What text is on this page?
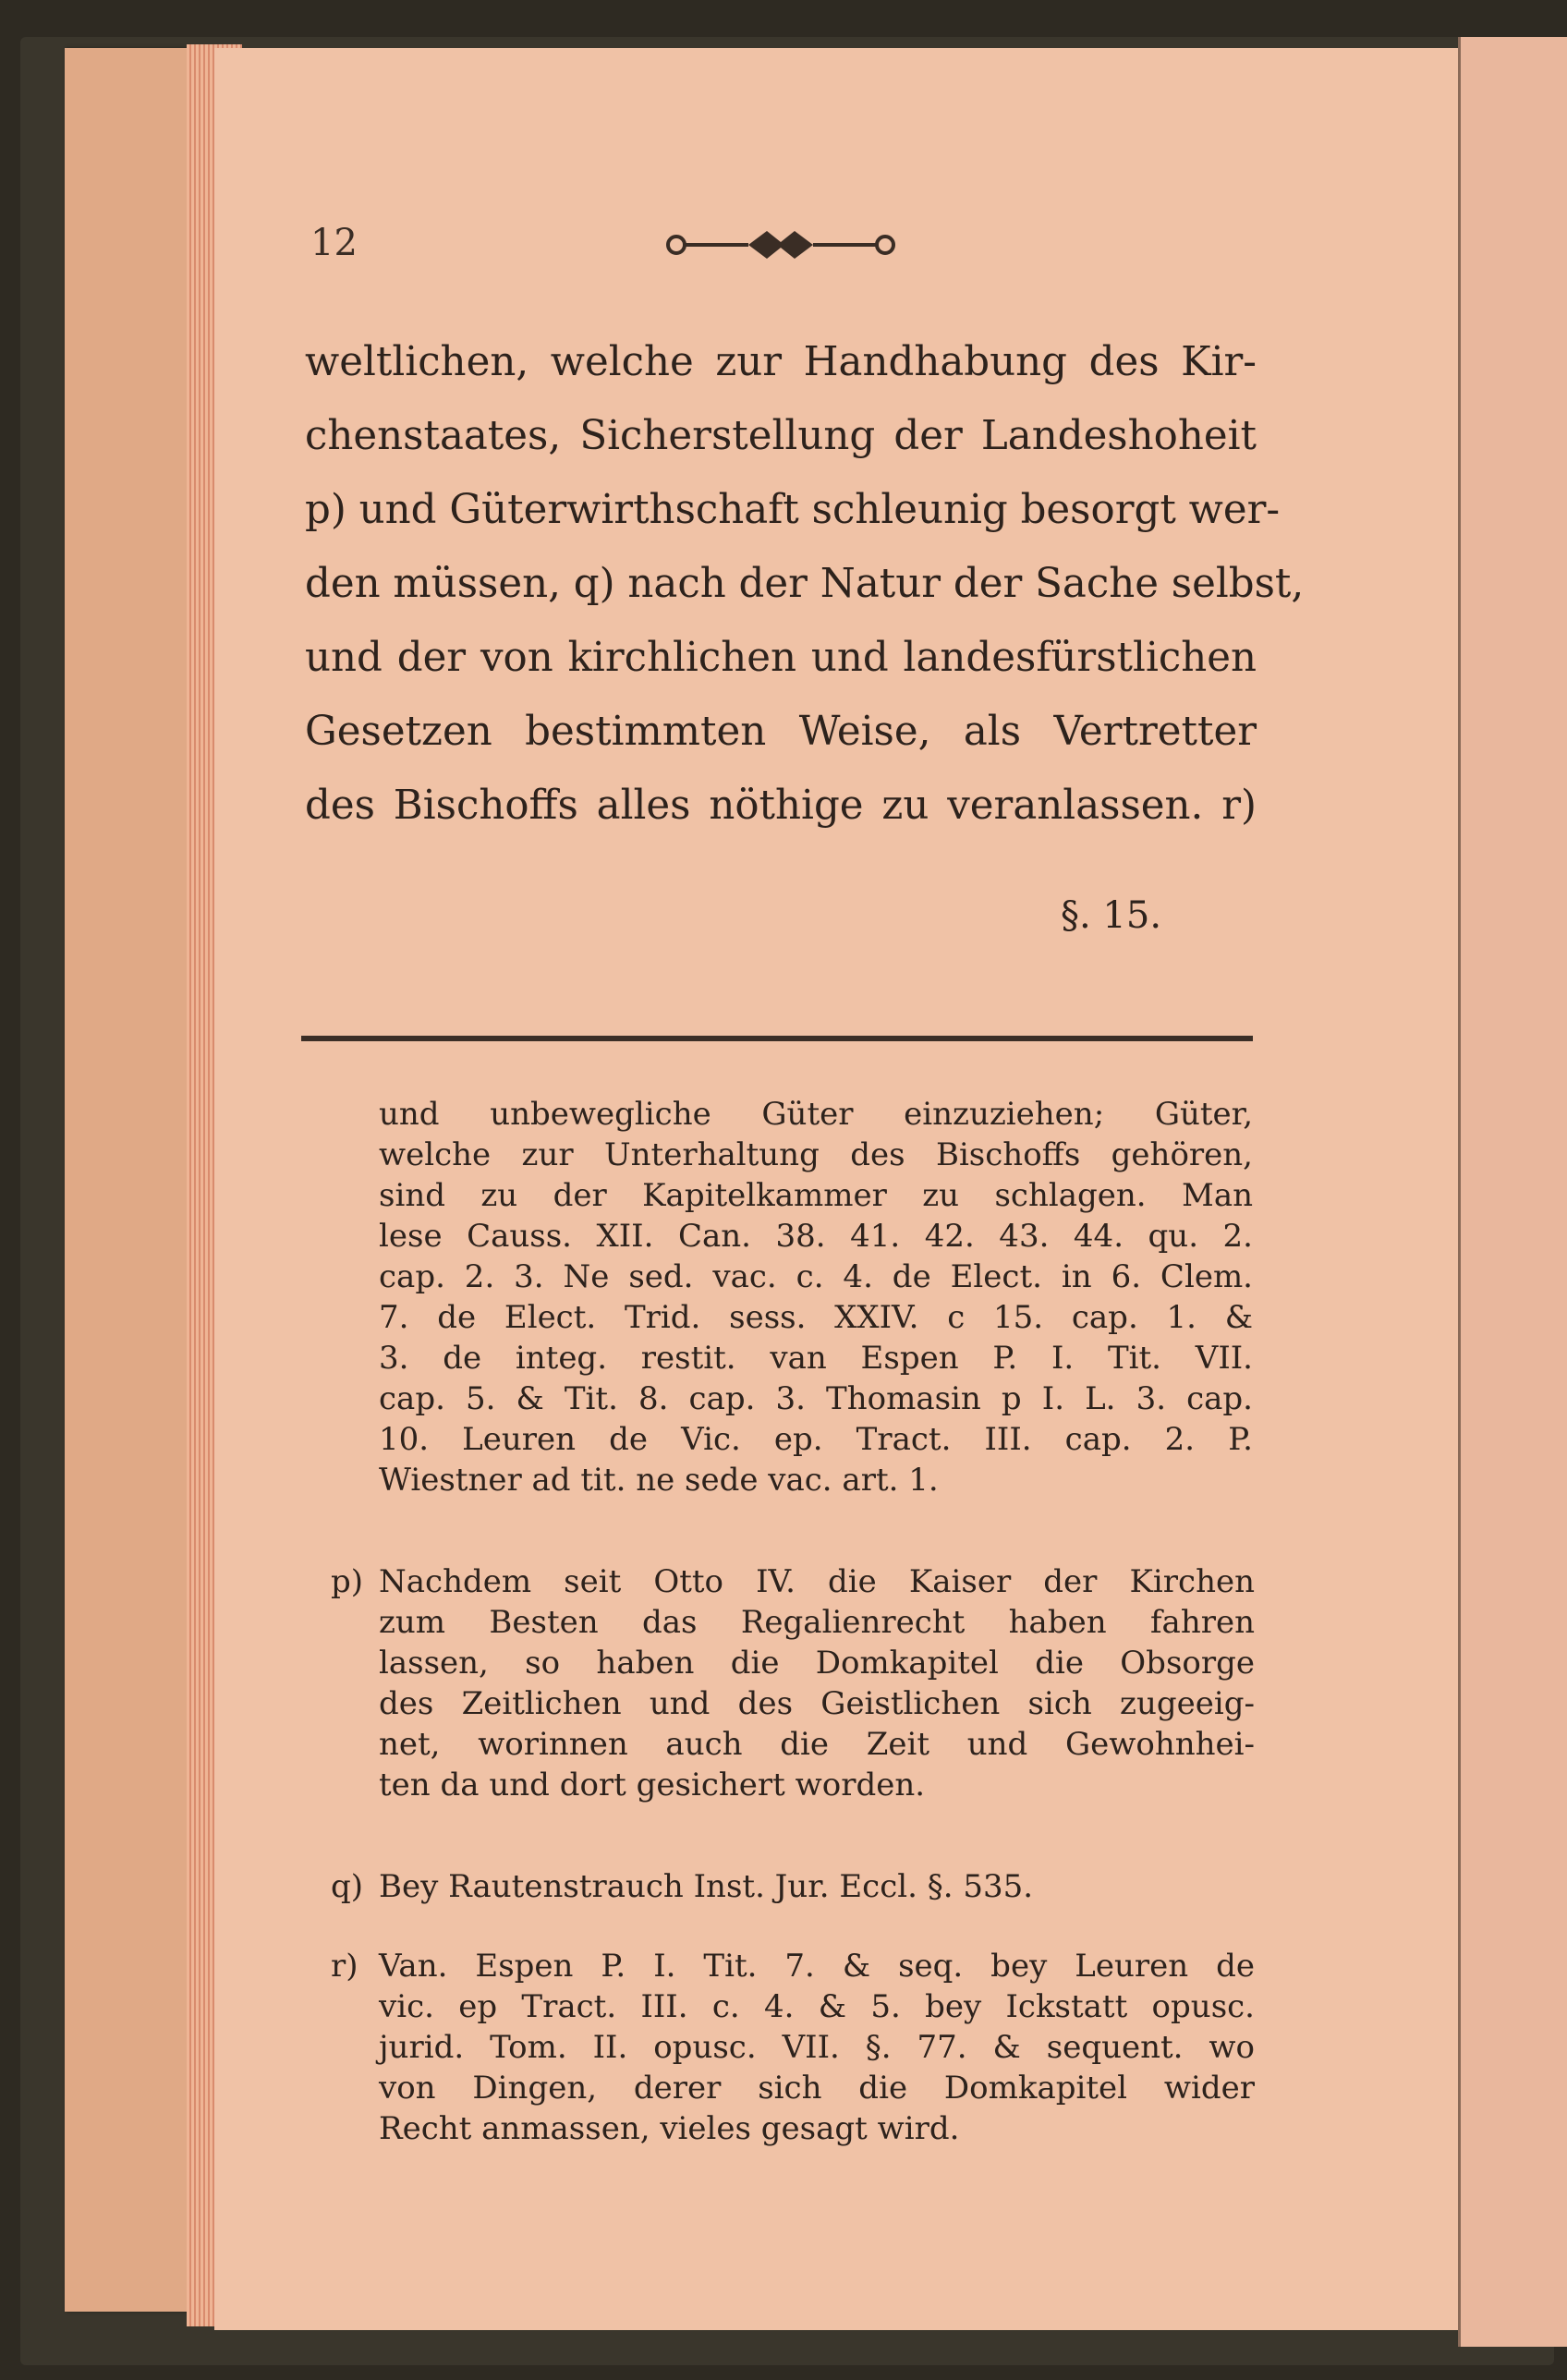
12
weltlichen, welche zur Handhabung des Kir-
chenstaates, Sicherstellung der Landeshoheit
p) und Güterwirthschaft schleunig besorgt wer-
den müssen, q) nach der Natur der Sache selbst,
und der von kirchlichen und landesfürstlichen
Gesetzen bestimmten Weise, als Vertretter
des Bischoffs alles nöthige zu veranlassen. r)
§. 15.
und unbewegliche Güter einzuziehen; Güter,
welche zur Unterhaltung des Bischoffs gehören,
sind zu der Kapitelkammer zu schlagen. Man
lese Causs. XII. Can. 38. 41. 42. 43. 44. qu. 2.
cap. 2. 3. Ne sed. vac. c. 4. de Elect. in 6. Clem.
7. de Elect. Trid. sess. XXIV. c 15. cap. 1. &
3. de integ. restit. van Espen P. I. Tit. VII.
cap. 5. & Tit. 8. cap. 3. Thomasin p I. L. 3. cap.
10. Leuren de Vic. ep. Tract. III. cap. 2. P.
Wiestner ad tit. ne sede vac. art. 1.
p) Nachdem seit Otto IV. die Kaiser der Kirchen
zum Besten das Regalienrecht haben fahren
lassen, so haben die Domkapitel die Obsorge
des Zeitlichen und des Geistlichen sich zugeeig-
net, worinnen auch die Zeit und Gewohnhei-
ten da und dort gesichert worden.
q) Bey Rautenstrauch Inst. Jur. Eccl. §. 535.
r) Van. Espen P. I. Tit. 7. & seq. bey Leuren de
vic. ep Tract. III. c. 4. & 5. bey Ickstatt opusc.
jurid. Tom. II. opusc. VII. §. 77. & sequent. wo
von Dingen, derer sich die Domkapitel wider
Recht anmassen, vieles gesagt wird.
